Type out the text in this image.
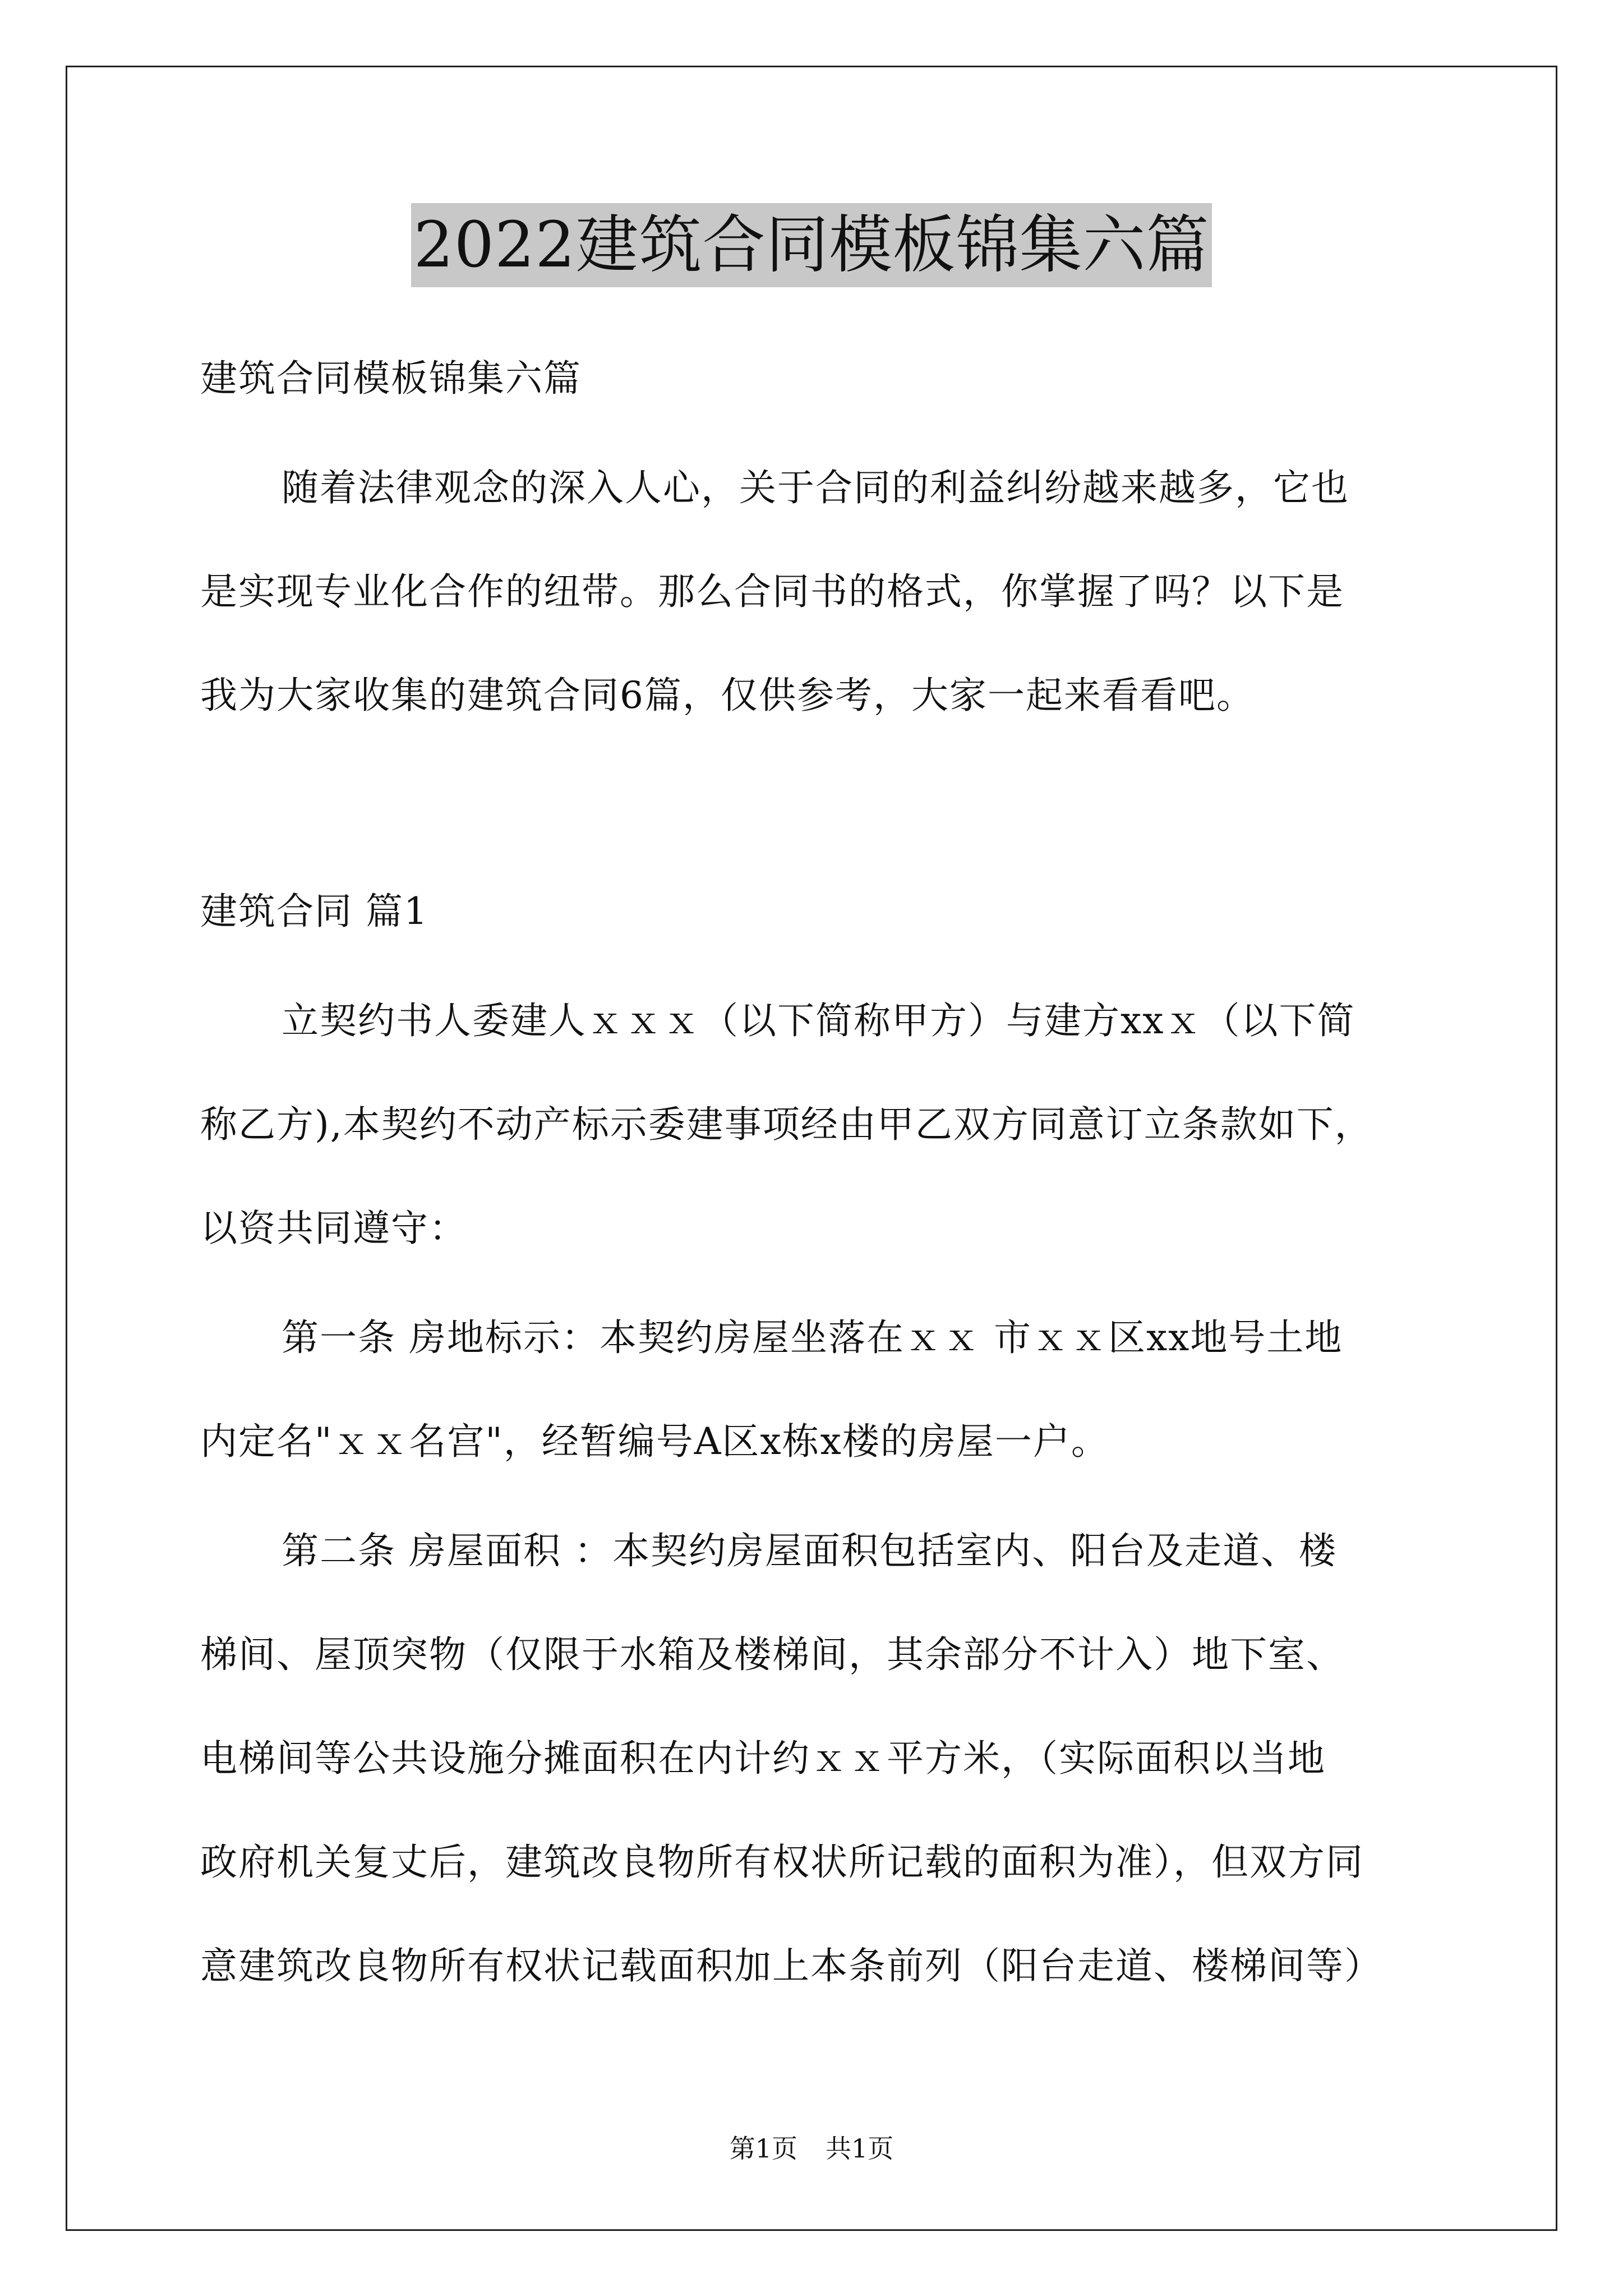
2022建筑合同模板锦集六篇
建筑合同模板锦集六篇
随着法律观念的深入人心，关于合同的利益纠纷越来越多，它也
是实现专业化合作的纽带。那么合同书的格式，你掌握了吗？以下是
我为大家收集的建筑合同6篇，仅供参考，大家一起来看看吧。
建筑合同 篇1
立契约书人委建人ｘｘｘ（以下简称甲方）与建方xxｘ（以下简
称乙方),本契约不动产标示委建事项经由甲乙双方同意订立条款如下，
以资共同遵守：
第一条 房地标示：本契约房屋坐落在ｘｘ 市ｘｘ区xx地号土地
内定名"ｘｘ名宫"，经暂编号A区x栋x楼的房屋一户。
第二条 房屋面积 ：本契约房屋面积包括室内、阳台及走道、楼
梯间、屋顶突物（仅限于水箱及楼梯间，其余部分不计入）地下室、
电梯间等公共设施分摊面积在内计约ｘｘ平方米，（实际面积以当地
政府机关复丈后，建筑改良物所有权状所记载的面积为准），但双方同
意建筑改良物所有权状记载面积加上本条前列（阳台走道、楼梯间等）
第1页 共1页
